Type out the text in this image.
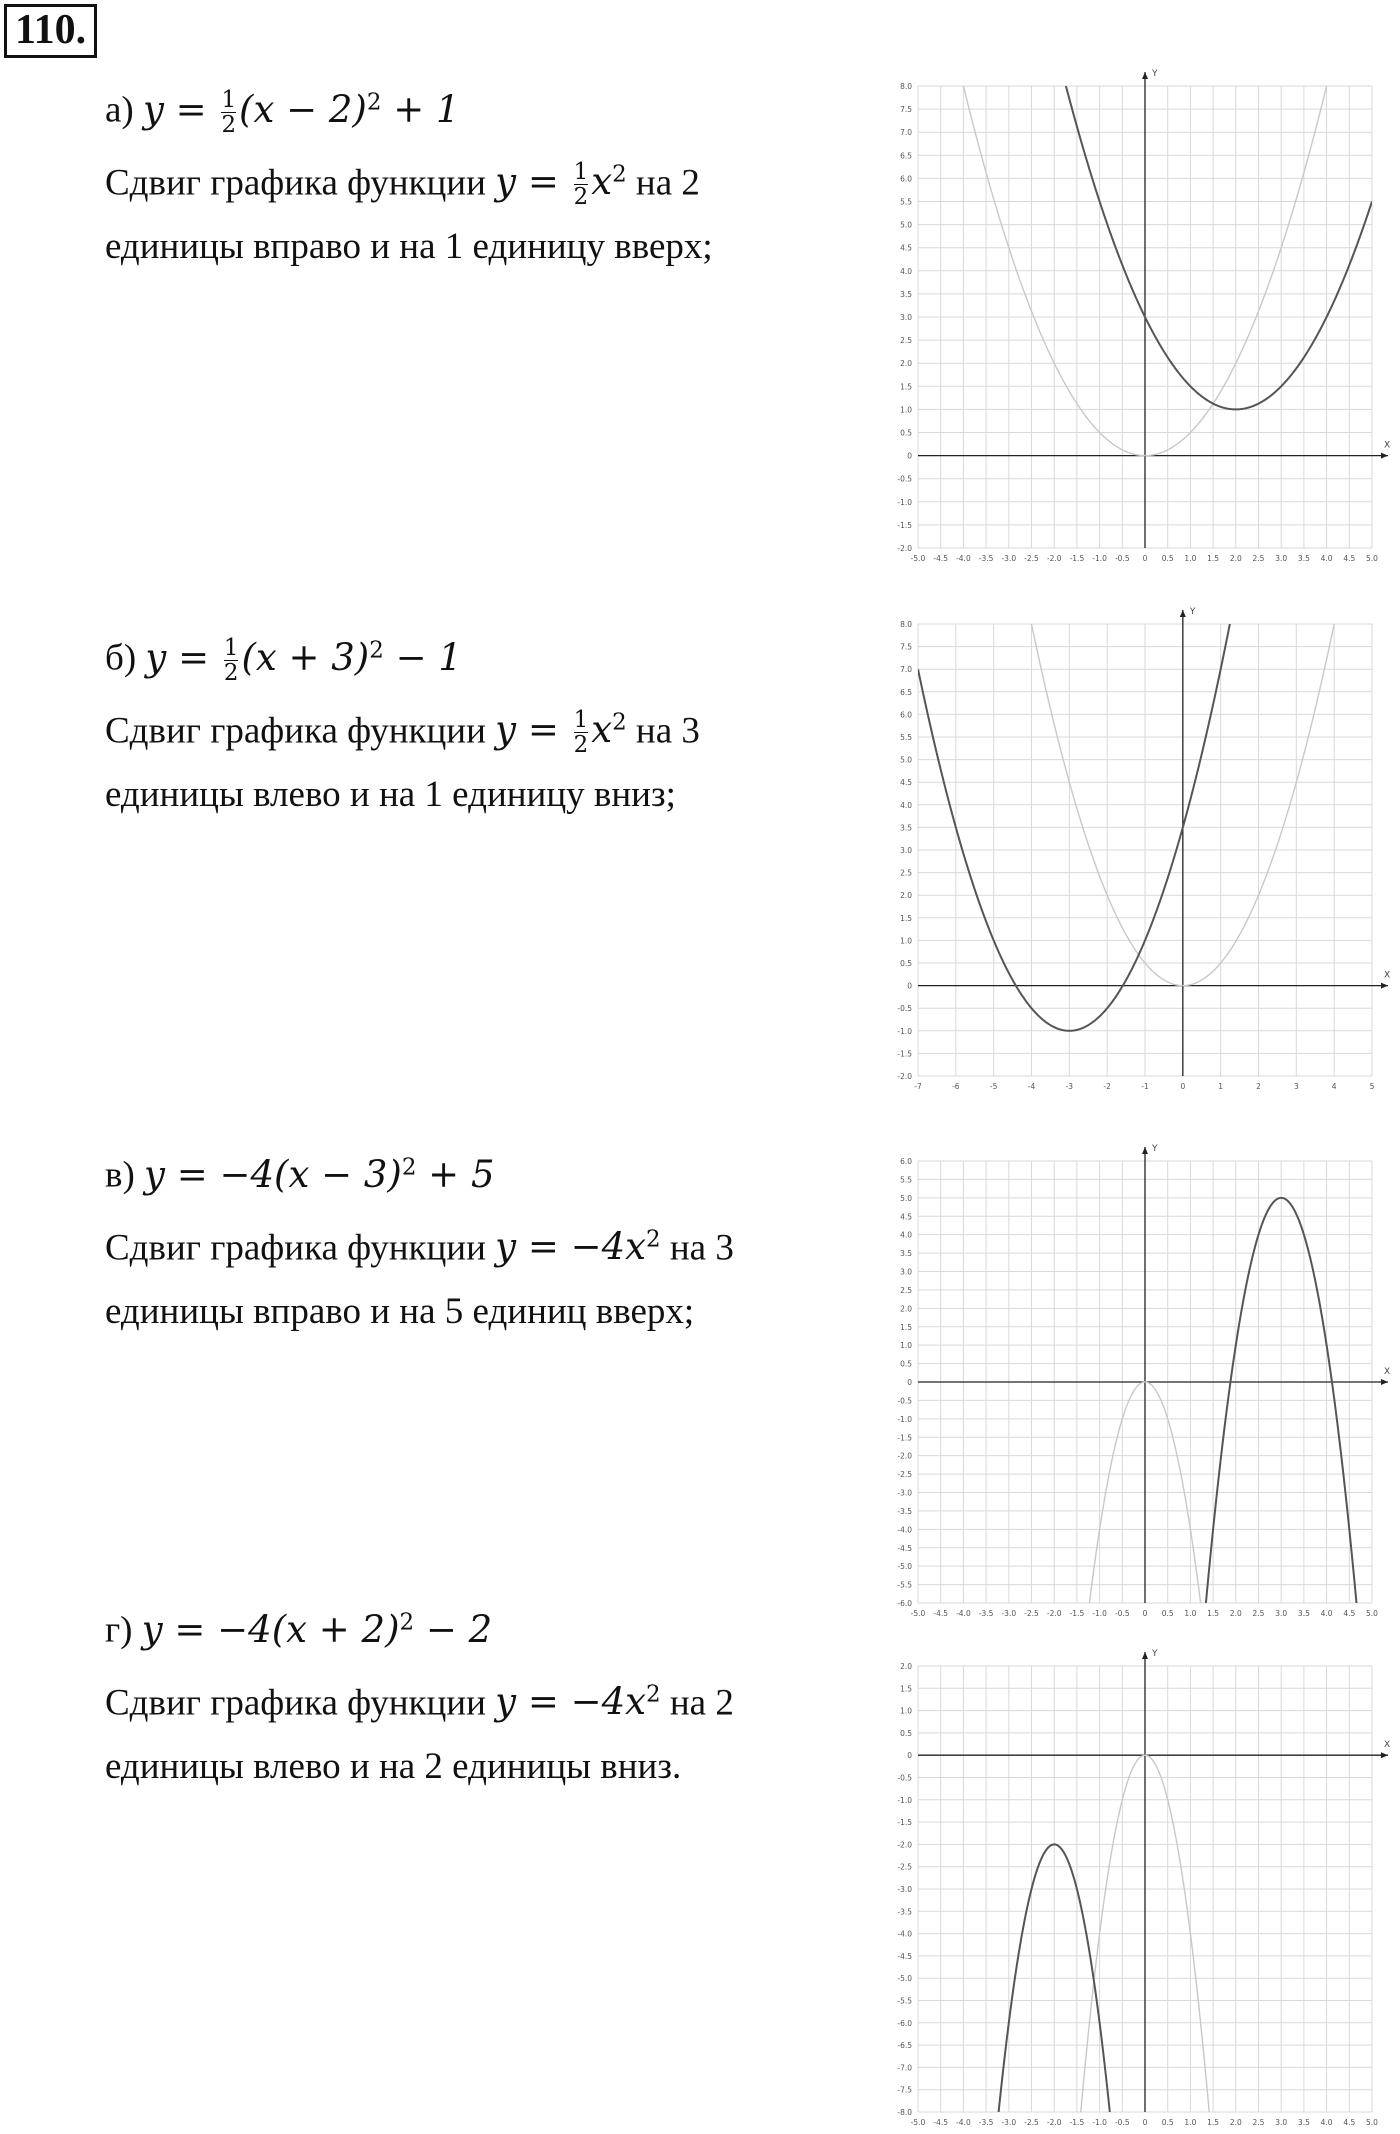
110.
а) $y = \frac{1}{2} (x - 2)^2 + 1$
Сдвиг графика функции $y = \frac{1}{2} x^2$ на 2
единицы вправо и на 1 единицу вверх;
б) $y = \frac{1}{2} (x + 3)^2 - 1$
Сдвиг графика функции $y = \frac{1}{2} x^2$ на 3
единицы влево и на 1 единицу вниз;
в) $y = -4(x - 3)^2 + 5$
Сдвиг графика функции $y = -4x^2$ на 3
единицы вправо и на 5 единиц вверх;
г) $y = -4(x + 2)^2 - 2$
Сдвиг графика функции $y = -4x^2$ на 2
единицы влево и на 2 единицы вниз.
X
Y
-5.0 -4.5 -4.0 -3.5 -3.0 -2.5 -2.0 -1.5 -1.0 -0.5 0 0.5 1.0 1.5 2.0 2.5 3.0 3.5 4.0 4.5 5.0
-2.0
-1.5
-1.0
-0.5
0
0.5
1.0
1.5
2.0
2.5
3.0
3.5
4.0
4.5
5.0
5.5
6.0
6.5
7.0
7.5
8.0
X
Y
-7	-6	-5	-4	-3	-2	-1	0	1	2	3	4	5
-2.0
-1.5
-1.0
-0.5
0
0.5
1.0
1.5
2.0
2.5
3.0
3.5
4.0
4.5
5.0
5.5
6.0
6.5
7.0
7.5
8.0
X
Y
-5.0 -4.5 -4.0 -3.5 -3.0 -2.5 -2.0 -1.5 -1.0 -0.5 0 0.5 1.0 1.5 2.0 2.5 3.0 3.5 4.0 4.5 5.0
-6.0
-5.5
-5.0
-4.5
-4.0
-3.5
-3.0
-2.5
-2.0
-1.5
-1.0
-0.5
0
0.5
1.0
1.5
2.0
2.5
3.0
3.5
4.0
4.5
5.0
5.5
6.0
X
Y
-5.0 -4.5 -4.0 -3.5 -3.0 -2.5 -2.0 -1.5 -1.0 -0.5 0 0.5 1.0 1.5 2.0 2.5 3.0 3.5 4.0 4.5 5.0
-8.0
-7.5
-7.0
-6.5
-6.0
-5.5
-5.0
-4.5
-4.0
-3.5
-3.0
-2.5
-2.0
-1.5
-1.0
-0.5
0
0.5
1.0
1.5
2.0
